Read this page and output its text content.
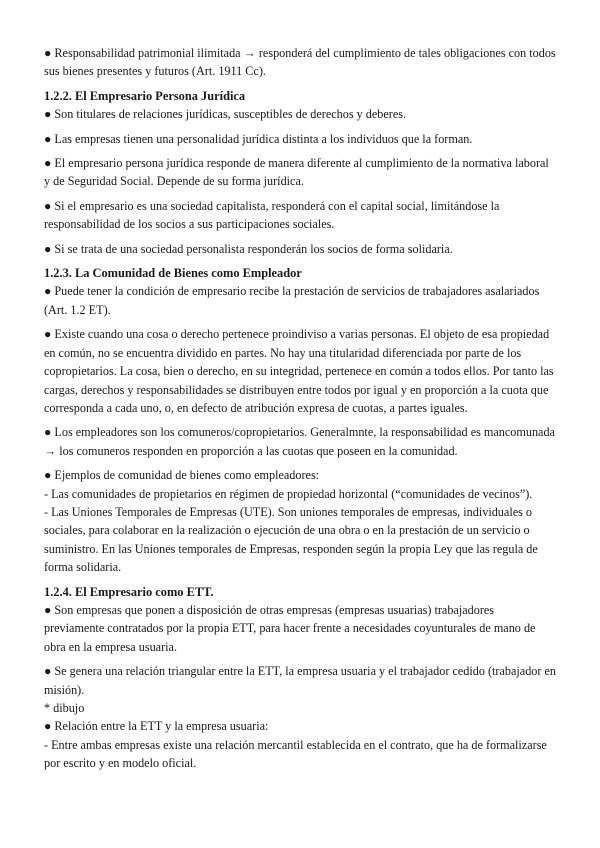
● Responsabilidad patrimonial ilimitada → responderá del cumplimiento de tales obligaciones con todos sus bienes presentes y futuros (Art. 1911 Cc).

1.2.2. El Empresario Persona Jurídica

● Son titulares de relaciones jurídicas, susceptibles de derechos y deberes.

● Las empresas tienen una personalidad jurídica distinta a los individuos que la forman.

● El empresario persona jurídica responde de manera diferente al cumplimiento de la normativa laboral y de Seguridad Social. Depende de su forma jurídica.

● Si el empresario es una sociedad capitalista, responderá con el capital social, limitándose la responsabilidad de los socios a sus participaciones sociales.

● Si se trata de una sociedad personalista responderán los socios de forma solidaria.

1.2.3. La Comunidad de Bienes como Empleador

● Puede tener la condición de empresario recibe la prestación de servicios de trabajadores asalariados (Art. 1.2 ET).

● Existe cuando una cosa o derecho pertenece proindiviso a varias personas. El objeto de esa propiedad en común, no se encuentra dividido en partes. No hay una titularidad diferenciada por parte de los copropietarios. La cosa, bien o derecho, en su integridad, pertenece en común a todos ellos. Por tanto las cargas, derechos y responsabilidades se distribuyen entre todos por igual y en proporción a la cuota que corresponda a cada uno, o, en defecto de atribución expresa de cuotas, a partes iguales.

● Los empleadores son los comuneros/copropietarios. Generalmnte, la responsabilidad es mancomunada → los comuneros responden en proporción a las cuotas que poseen en la comunidad.

● Ejemplos de comunidad de bienes como empleadores:

- Las comunidades de propietarios en régimen de propiedad horizontal (“comunidades de vecinos”).

- Las Uniones Temporales de Empresas (UTE). Son uniones temporales de empresas, individuales o sociales, para colaborar en la realización o ejecución de una obra o en la prestación de un servicio o suministro. En las Uniones temporales de Empresas, responden según la propia Ley que las regula de forma solidaria.

1.2.4. El Empresario como ETT.

● Son empresas que ponen a disposición de otras empresas (empresas usuarias) trabajadores previamente contratados por la propia ETT, para hacer frente a necesidades coyunturales de mano de obra en la empresa usuaria.

● Se genera una relación triangular entre la ETT, la empresa usuaria y el trabajador cedido (trabajador en misión).

* dibujo

● Relación entre la ETT y la empresa usuaria:

- Entre ambas empresas existe una relación mercantil establecida en el contrato, que ha de formalizarse por escrito y en modelo oficial.
